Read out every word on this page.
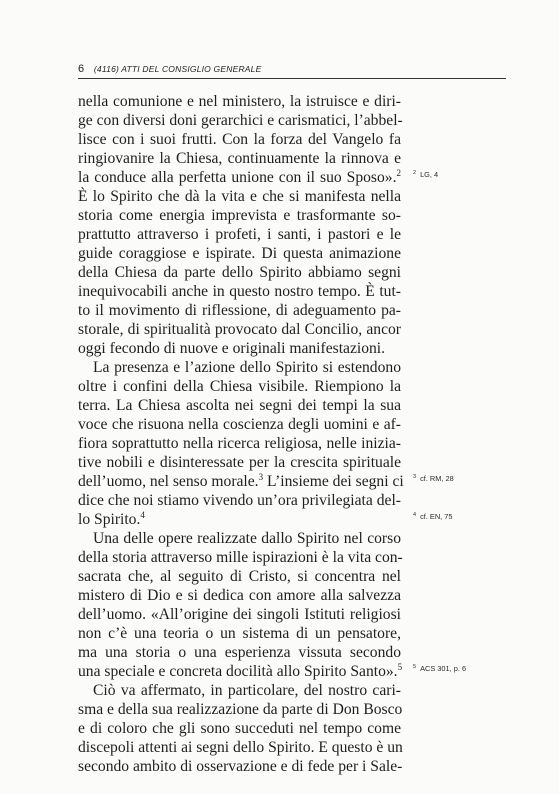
6 (4116) ATTI DEL CONSIGLIO GENERALE
nella comunione e nel ministero, la istruisce e diri-
ge con diversi doni gerarchici e carismatici, l’abbel-
lisce con i suoi frutti. Con la forza del Vangelo fa
ringiovanire la Chiesa, continuamente la rinnova e
la conduce alla perfetta unione con il suo Sposo».$^2$
È lo Spirito che dà la vita e che si manifesta nella
storia come energia imprevista e trasformante so-
prattutto attraverso i profeti, i santi, i pastori e le
guide coraggiose e ispirate. Di questa animazione
della Chiesa da parte dello Spirito abbiamo segni
inequivocabili anche in questo nostro tempo. È tut-
to il movimento di riflessione, di adeguamento pa-
storale, di spiritualità provocato dal Concilio, ancor
oggi fecondo di nuove e originali manifestazioni.
La presenza e l’azione dello Spirito si estendono
oltre i confini della Chiesa visibile. Riempiono la
terra. La Chiesa ascolta nei segni dei tempi la sua
voce che risuona nella coscienza degli uomini e af-
fiora soprattutto nella ricerca religiosa, nelle inizia-
tive nobili e disinteressate per la crescita spirituale
dell’uomo, nel senso morale.$^3$ L’insieme dei segni ci
dice che noi stiamo vivendo un’ora privilegiata del-
lo Spirito.$^4$
Una delle opere realizzate dallo Spirito nel corso
della storia attraverso mille ispirazioni è la vita con-
sacrata che, al seguito di Cristo, si concentra nel
mistero di Dio e si dedica con amore alla salvezza
dell’uomo. «All’origine dei singoli Istituti religiosi
non c’è una teoria o un sistema di un pensatore,
ma una storia o una esperienza vissuta secondo
una speciale e concreta docilità allo Spirito Santo».$^5$
Ciò va affermato, in particolare, del nostro cari-
sma e della sua realizzazione da parte di Don Bosco
e di coloro che gli sono succeduti nel tempo come
discepoli attenti ai segni dello Spirito. E questo è un
secondo ambito di osservazione e di fede per i Sale-
$^2$ LG, 4
$^3$ cf. RM, 28
$^4$ cf. EN, 75
$^5$ ACS 301, p. 6
